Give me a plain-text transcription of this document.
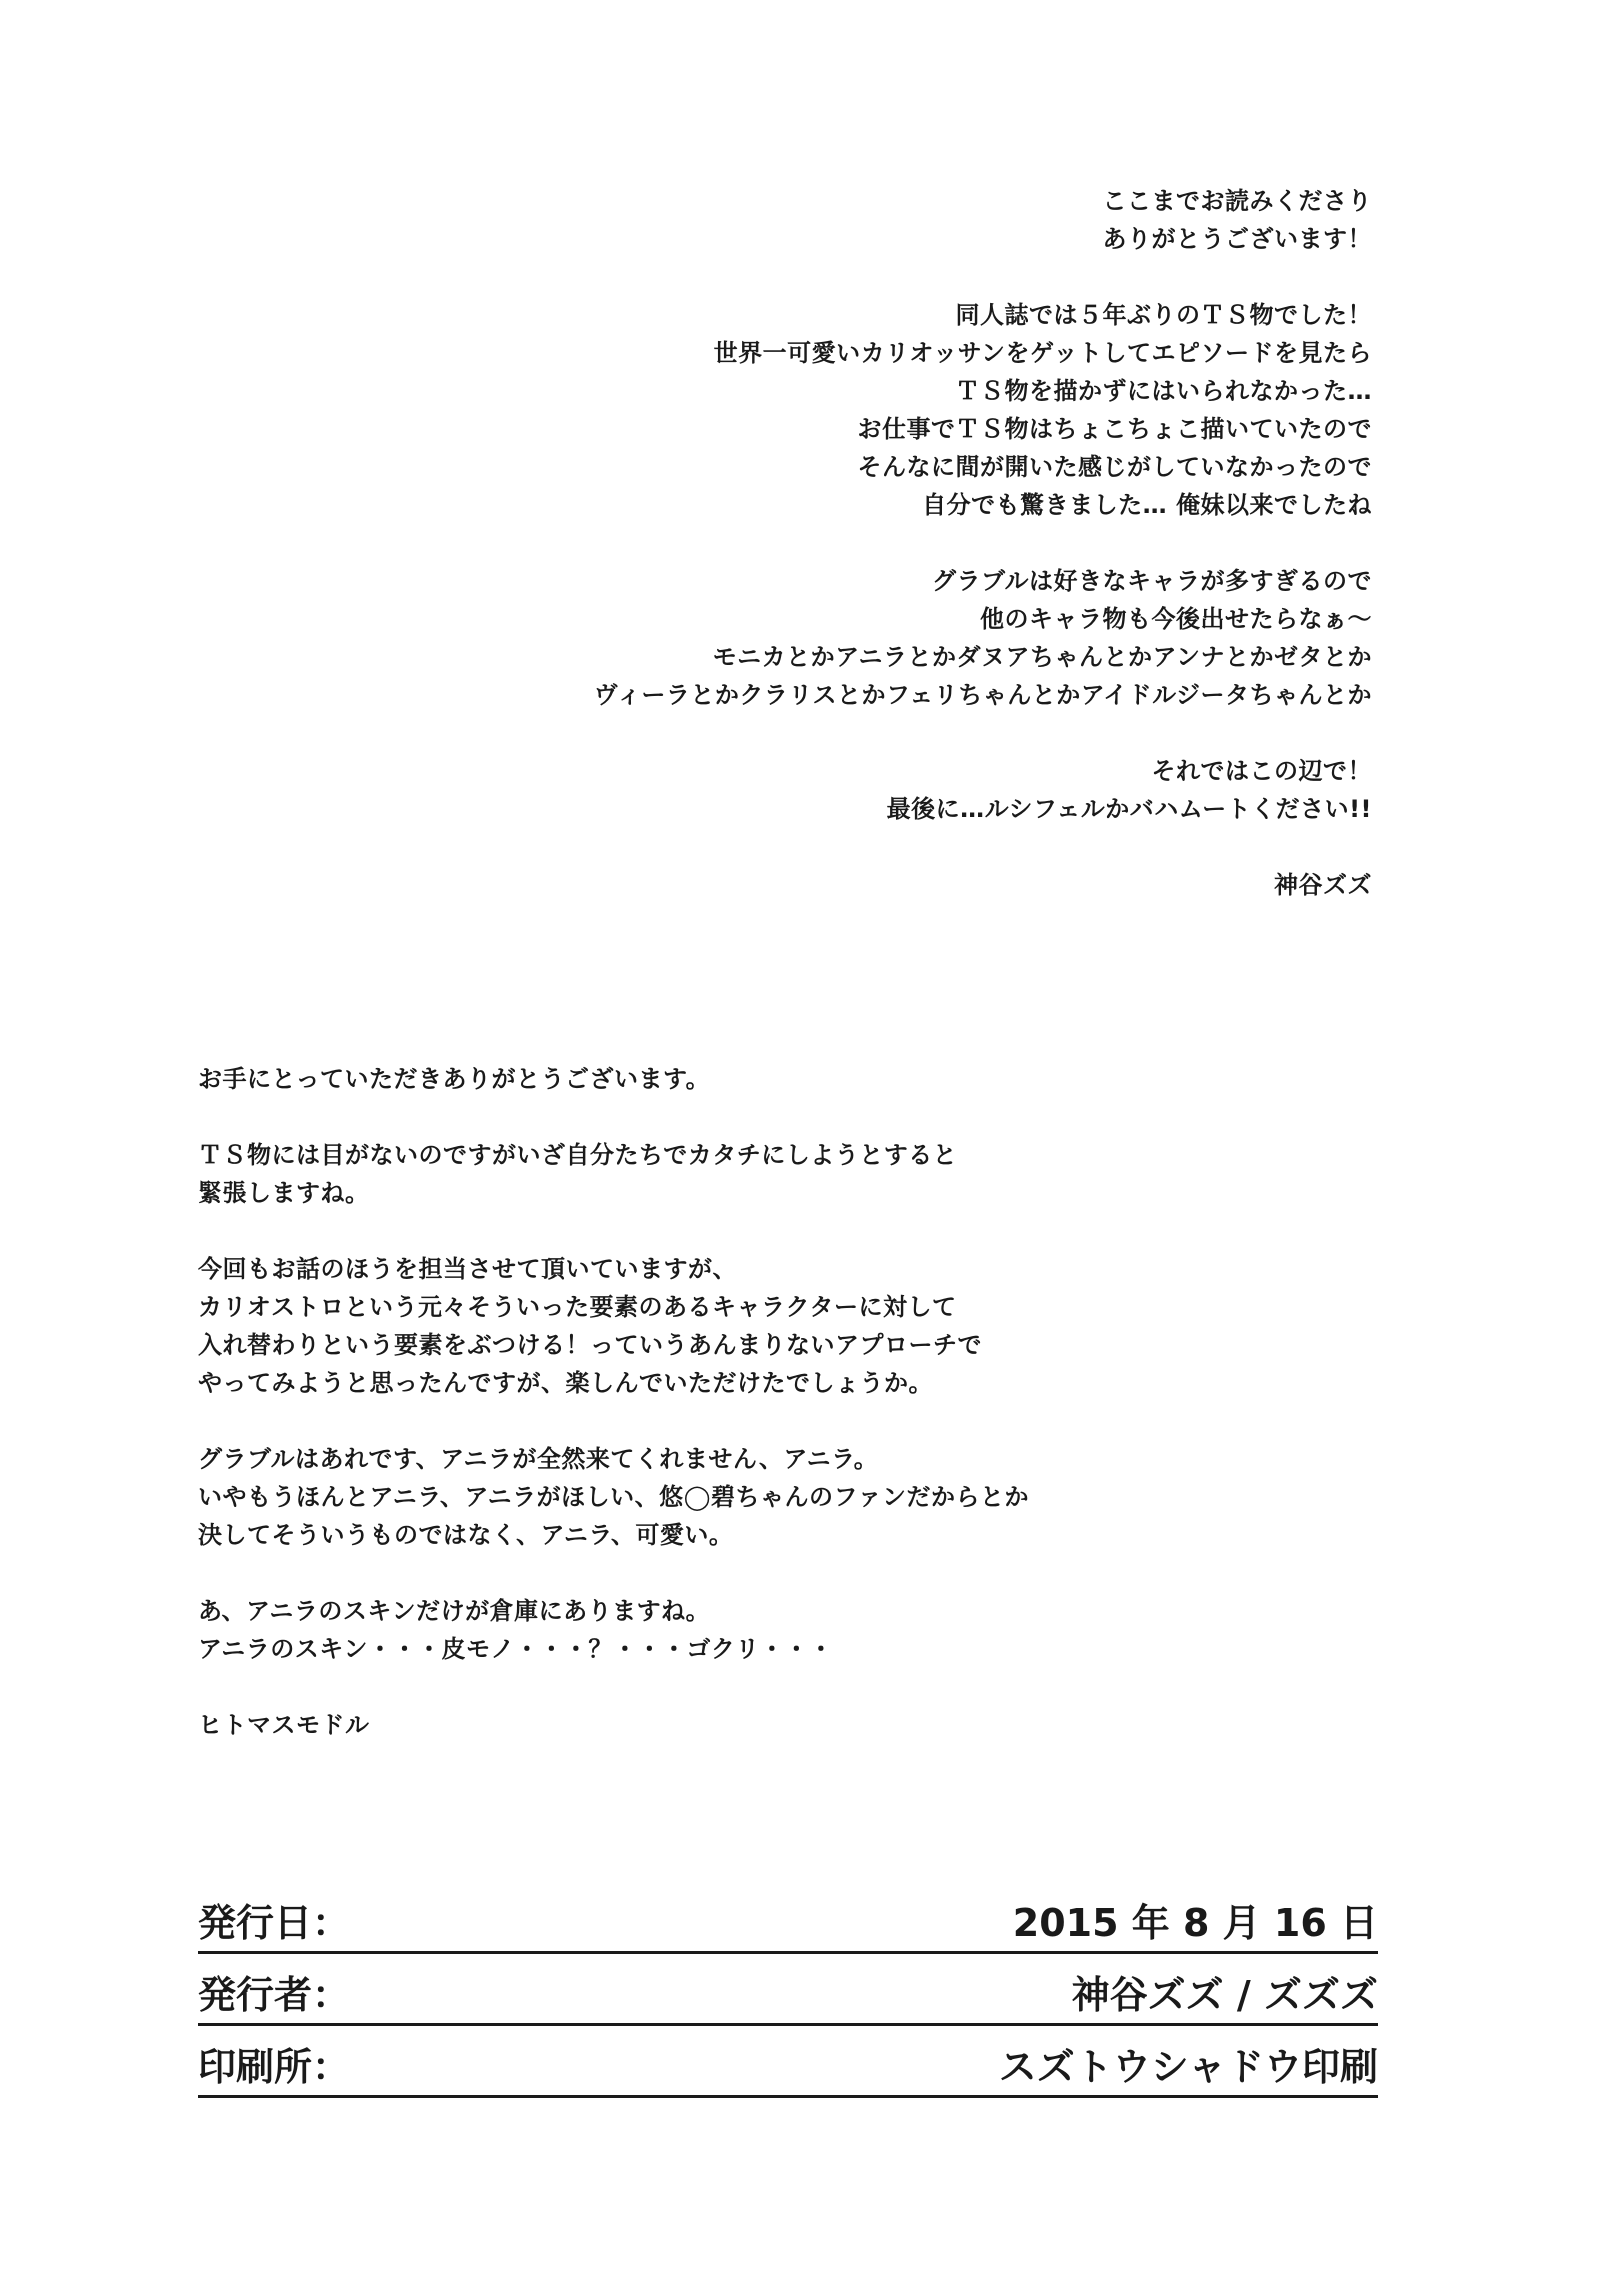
ここまでお読みくださり
ありがとうございます！

同人誌では５年ぶりのＴＳ物でした！
世界一可愛いカリオッサンをゲットしてエピソードを見たら
ＴＳ物を描かずにはいられなかった…
お仕事でＴＳ物はちょこちょこ描いていたので
そんなに間が開いた感じがしていなかったので
自分でも驚きました… 俺妹以来でしたね

グラブルは好きなキャラが多すぎるので
他のキャラ物も今後出せたらなぁ～
モニカとかアニラとかダヌアちゃんとかアンナとかゼタとか
ヴィーラとかクラリスとかフェリちゃんとかアイドルジータちゃんとか

それではこの辺で！
最後に…ルシフェルかバハムートください!!

神谷ズズ

お手にとっていただきありがとうございます。

ＴＳ物には目がないのですがいざ自分たちでカタチにしようとすると
緊張しますね。

今回もお話のほうを担当させて頂いていますが、
カリオストロという元々そういった要素のあるキャラクターに対して
入れ替わりという要素をぶつける！っていうあんまりないアプローチで
やってみようと思ったんですが、楽しんでいただけたでしょうか。

グラブルはあれです、アニラが全然来てくれません、アニラ。
いやもうほんとアニラ、アニラがほしい、悠◯碧ちゃんのファンだからとか
決してそういうものではなく、アニラ、可愛い。

あ、アニラのスキンだけが倉庫にありますね。
アニラのスキン・・・皮モノ・・・？・・・ゴクリ・・・

ヒトマスモドル
発行日：	2015 年 8 月 16 日
発行者：	神谷ズズ / ズズズ
印刷所：	スズトウシャドウ印刷
